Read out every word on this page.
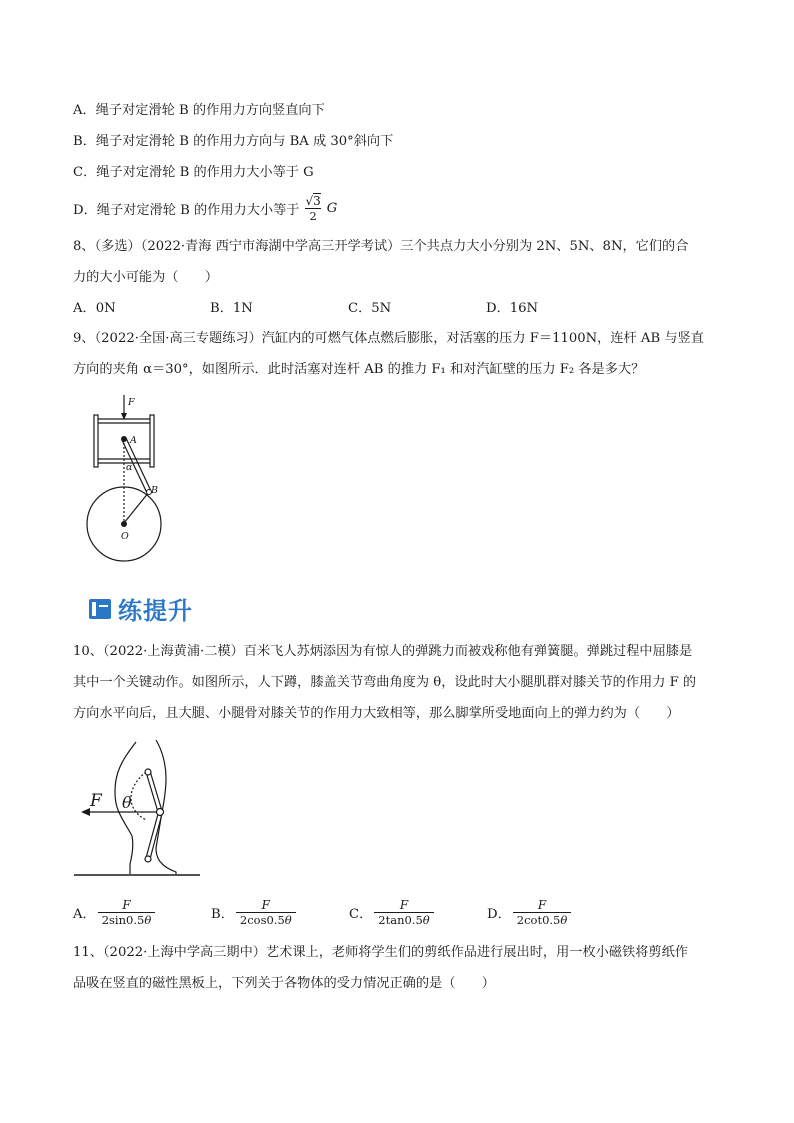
A．绳子对定滑轮 B 的作用力方向竖直向下
B．绳子对定滑轮 B 的作用力方向与 BA 成 30°斜向下
C．绳子对定滑轮 B 的作用力大小等于 G
D．绳子对定滑轮 B 的作用力大小等于 $\frac{√3}{2}$ G
8、（多选）（2022·青海 西宁市海湖中学高三开学考试）三个共点力大小分别为 2N、5N、8N，它们的合
力的大小可能为（　　）
A．0N	B．1N	C．5N	D．16N
9、（2022·全国·高三专题练习）汽缸内的可燃气体点燃后膨胀，对活塞的压力 F＝1100N，连杆 AB 与竖直
方向的夹角 α＝30°，如图所示．此时活塞对连杆 AB 的推力 F₁ 和对汽缸壁的压力 F₂ 各是多大？
F
A
α
B
O
练提升
10、（2022·上海黄浦·二模）百米飞人苏炳添因为有惊人的弹跳力而被戏称他有弹簧腿。弹跳过程中屈膝是
其中一个关键动作。如图所示，人下蹲，膝盖关节弯曲角度为 θ，设此时大小腿肌群对膝关节的作用力 F 的
方向水平向后，且大腿、小腿骨对膝关节的作用力大致相等，那么脚掌所受地面向上的弹力约为（　　）
F θ
A． $\frac{F}{2\sin 0.5\theta}$	B． $\frac{F}{2\cos 0.5\theta}$	C． $\frac{F}{2\tan 0.5\theta}$	D． $\frac{F}{2\cot 0.5\theta}$
11、（2022·上海中学高三期中）艺术课上，老师将学生们的剪纸作品进行展出时，用一枚小磁铁将剪纸作
品吸在竖直的磁性黑板上，下列关于各物体的受力情况正确的是（　　）
